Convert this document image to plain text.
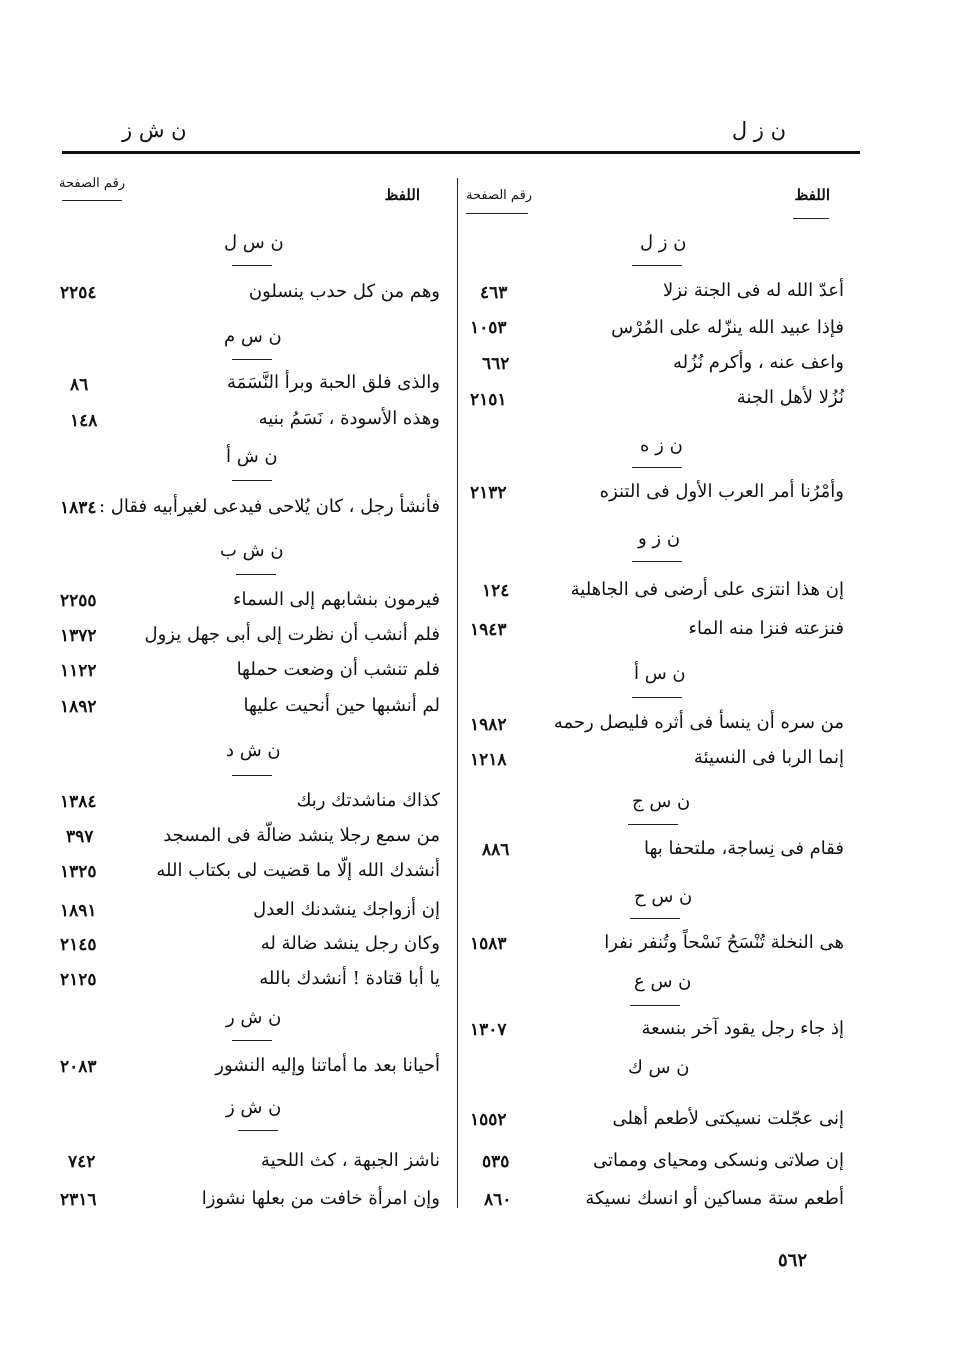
ن ز ل
ن ش ز
اللفظ
رقم الصفحة
اللفظ
رقم الصفحة
ن ز ل
أعدّ الله له فى الجنة نزلا
٤٦٣
فإذا عبيد الله ينزّله على المُرْس
١٠٥٣
واعف عنه ، وأكرم نُزُله
٦٦٢
نُزُلا لأهل الجنة
٢١٥١
ن ز ه
وأمْرُنا أمر العرب الأول فى التنزه
٢١٣٢
ن ز و
إن هذا انتزى على أرضى فى الجاهلية
١٢٤
فنزعته فنزا منه الماء
١٩٤٣
ن س أ
من سره أن ينسأ فى أثره فليصل رحمه
١٩٨٢
إنما الربا فى النسيئة
١٢١٨
ن س ج
فقام فى نِساجة، ملتحفا بها
٨٨٦
ن س ح
هى النخلة تُنْسَحُ نَسْحاً وتُنفر نفرا
١٥٨٣
ن س ع
إذ جاء رجل يقود آخر بنسعة
١٣٠٧
ن س ك
إنى عجّلت نسيكتى لأطعم أهلى
١٥٥٢
إن صلاتى ونسكى ومحياى ومماتى
٥٣٥
أطعم ستة مساكين أو انسك نسيكة
٨٦٠
ن س ل
وهم من كل حدب ينسلون
٢٢٥٤
ن س م
والذى فلق الحبة وبرأ النَّسَمَة
٨٦
وهذه الأسودة ، نَسَمُ بنيه
١٤٨
ن ش أ
فأنشأ رجل ، كان يُلاحى فيدعى لغيرأبيه فقال :
١٨٣٤
ن ش ب
فيرمون بنشابهم إلى السماء
٢٢٥٥
فلم أنشب أن نظرت إلى أبى جهل يزول
١٣٧٢
فلم تنشب أن وضعت حملها
١١٢٢
لم أنشبها حين أنحيت عليها
١٨٩٢
ن ش د
كذاك مناشدتك ربك
١٣٨٤
من سمع رجلا ينشد ضالّة فى المسجد
٣٩٧
أنشدك الله إلّا ما قضيت لى بكتاب الله
١٣٢٥
إن أزواجك ينشدنك العدل
١٨٩١
وكان رجل ينشد ضالة له
٢١٤٥
يا أبا قتادة ! أنشدك بالله
٢١٢٥
ن ش ر
أحيانا بعد ما أماتنا وإليه النشور
٢٠٨٣
ن ش ز
ناشز الجبهة ، كث اللحية
٧٤٢
وإن امرأة خافت من بعلها نشوزا
٢٣١٦
٥٦٢
